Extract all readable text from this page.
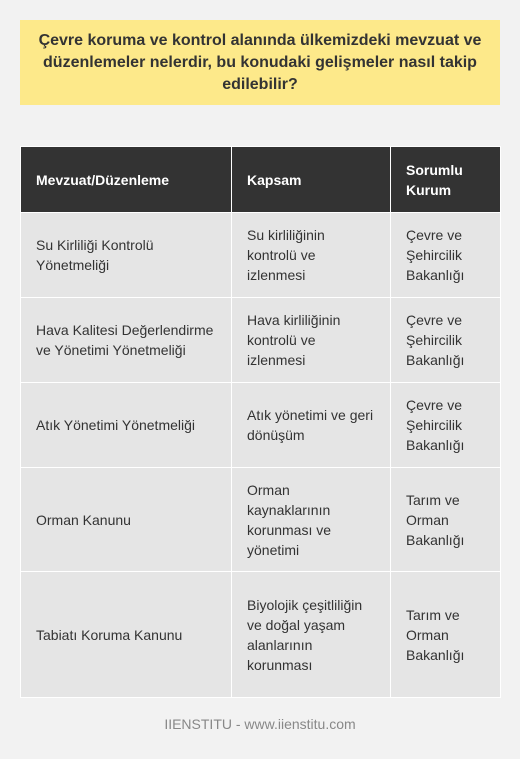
Çevre koruma ve kontrol alanında ülkemizdeki mevzuat ve düzenlemeler nelerdir, bu konudaki gelişmeler nasıl takip edilebilir?
Mevzuat/Düzenleme	Kapsam	Sorumlu Kurum
Su Kirliliği Kontrolü Yönetmeliği	Su kirliliğinin kontrolü ve izlenmesi	Çevre ve Şehircilik Bakanlığı
Hava Kalitesi Değerlendirme ve Yönetimi Yönetmeliği	Hava kirliliğinin kontrolü ve izlenmesi	Çevre ve Şehircilik Bakanlığı
Atık Yönetimi Yönetmeliği	Atık yönetimi ve geri dönüşüm	Çevre ve Şehircilik Bakanlığı
Orman Kanunu	Orman kaynaklarının korunması ve yönetimi	Tarım ve Orman Bakanlığı
Tabiatı Koruma Kanunu	Biyolojik çeşitliliğin ve doğal yaşam alanlarının korunması	Tarım ve Orman Bakanlığı
IIENSTITU - www.iienstitu.com
